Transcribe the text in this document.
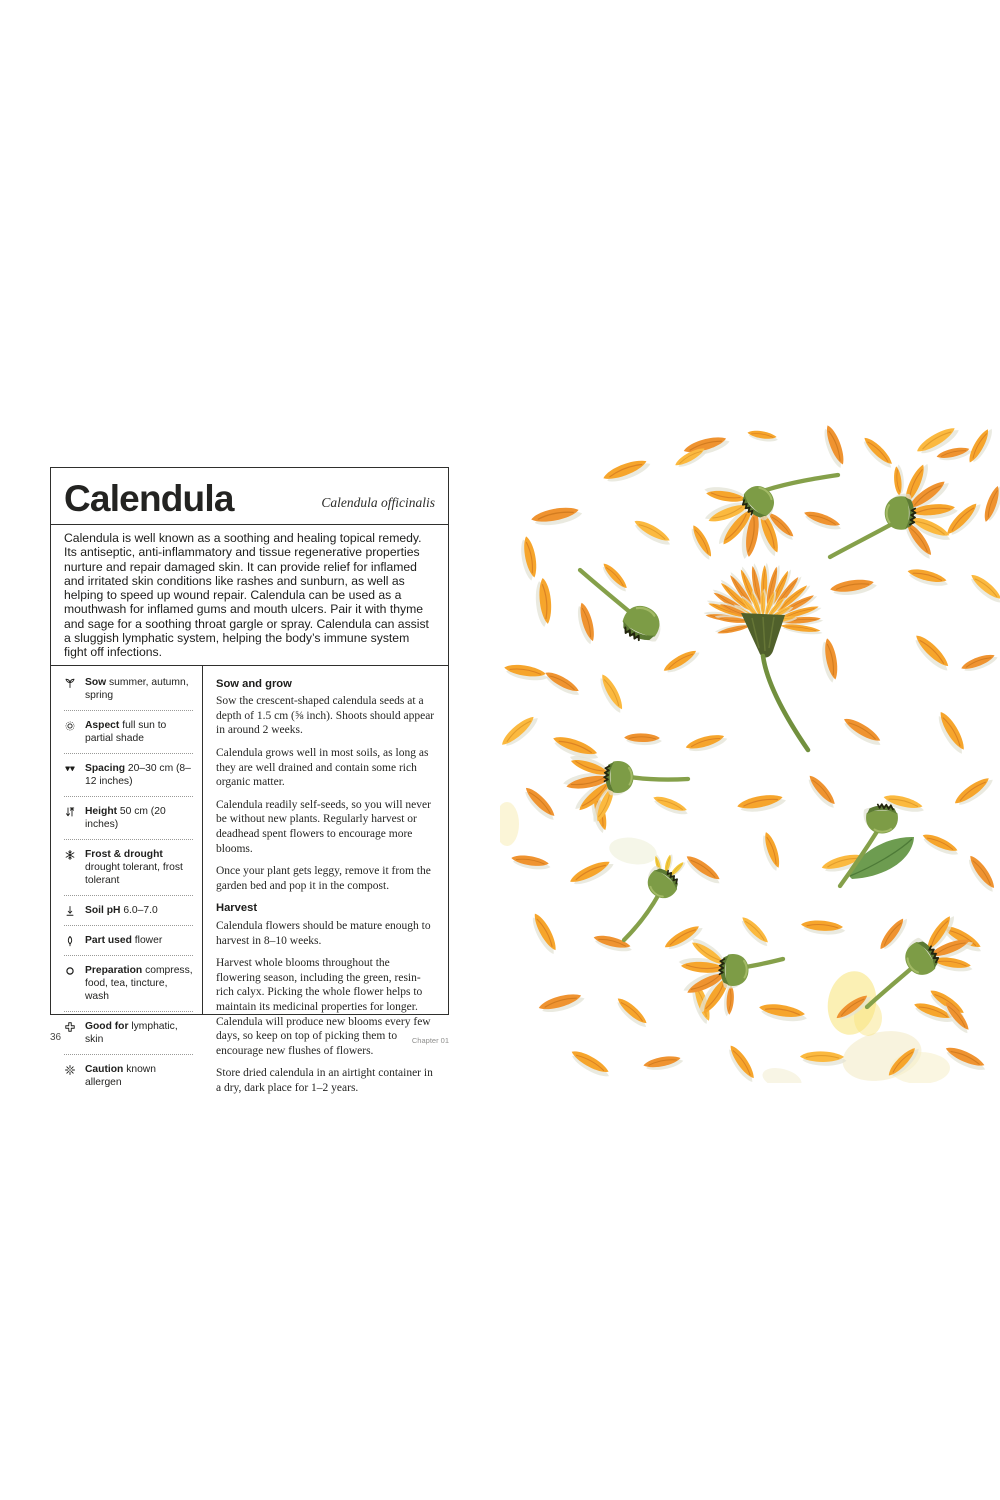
Calendula	Calendula officinalis

Calendula is well known as a soothing and healing topical remedy. Its antiseptic, anti-inflammatory and tissue regenerative properties nurture and repair damaged skin. It can provide relief for inflamed and irritated skin conditions like rashes and sunburn, as well as helping to speed up wound repair. Calendula can be used as a mouthwash for inflamed gums and mouth ulcers. Pair it with thyme and sage for a soothing throat gargle or spray. Calendula can assist a sluggish lymphatic system, helping the body’s immune system fight off infections.

Sow summer, autumn, spring
Aspect full sun to partial shade
Spacing 20–30 cm (8–12 inches)
Height 50 cm (20 inches)
Frost & drought drought tolerant, frost tolerant
Soil pH 6.0–7.0
Part used flower
Preparation compress, food, tea, tincture, wash
Good for lymphatic, skin
Caution known allergen
Sow and grow

Sow the crescent-shaped calendula seeds at a depth of 1.5 cm (⅝ inch). Shoots should appear in around 2 weeks.

Calendula grows well in most soils, as long as they are well drained and contain some rich organic matter.

Calendula readily self-seeds, so you will never be without new plants. Regularly harvest or deadhead spent flowers to encourage more blooms.

Once your plant gets leggy, remove it from the garden bed and pop it in the compost.

Harvest

Calendula flowers should be mature enough to harvest in 8–10 weeks.

Harvest whole blooms throughout the flowering season, including the green, resin-rich calyx. Picking the whole flower helps to maintain its medicinal properties for longer. Calendula will produce new blooms every few days, so keep on top of picking them to encourage new flushes of flowers.

Store dried calendula in an airtight container in a dry, dark place for 1–2 years.

36	Chapter 01
